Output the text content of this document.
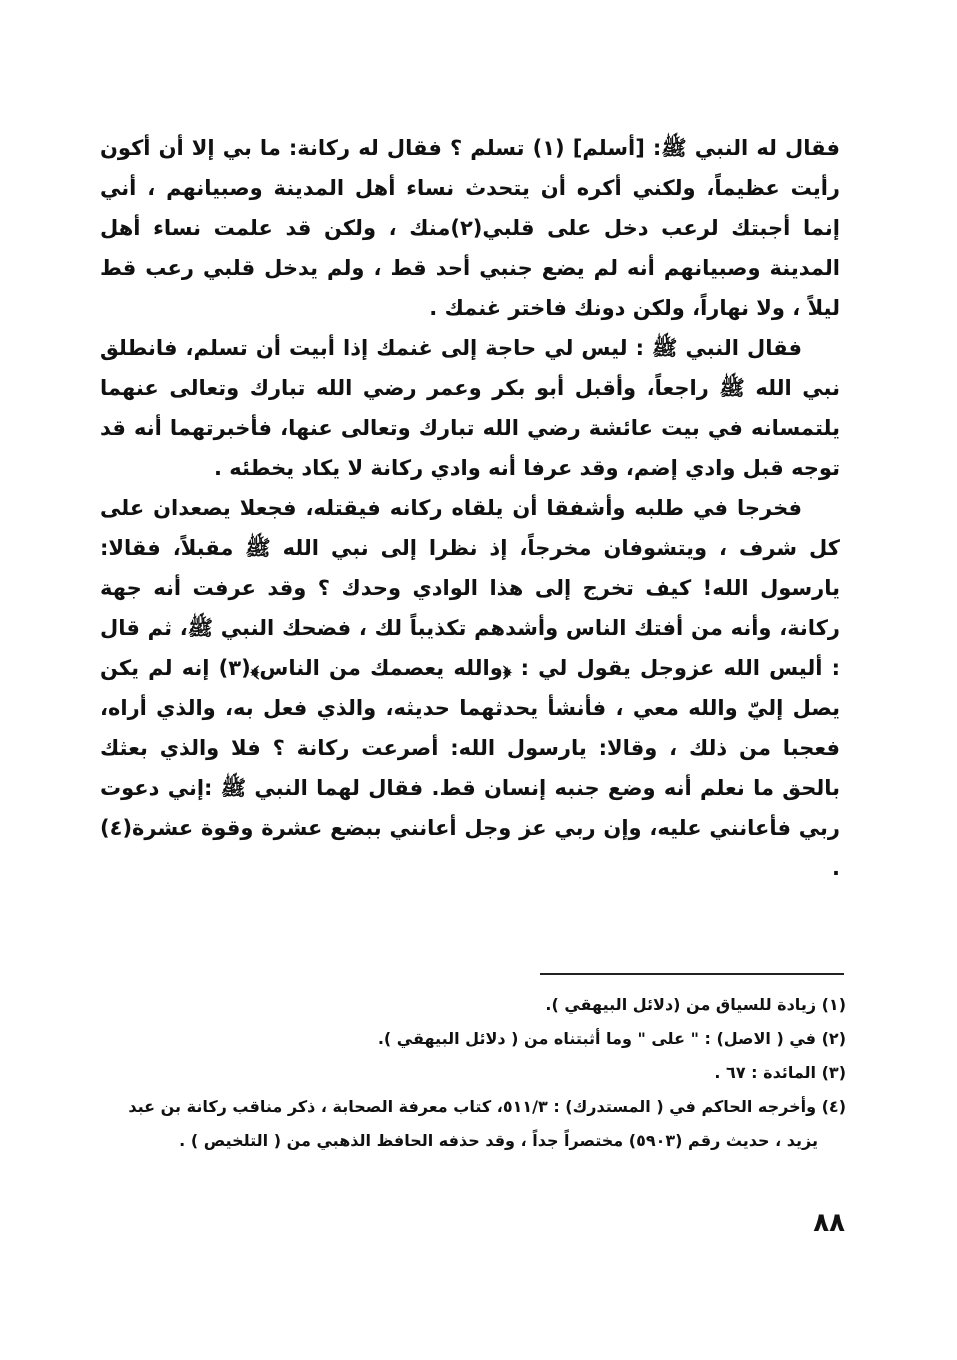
فقال له النبي ﷺ: [أسلم] (١) تسلم ؟ فقال له ركانة: ما بي إلا أن أكون رأيت عظيماً، ولكني أكره أن يتحدث نساء أهل المدينة وصبيانهم ، أني إنما أجبتك لرعب دخل على قلبي(٢)منك ، ولكن قد علمت نساء أهل المدينة وصبيانهم أنه لم يضع جنبي أحد قط ، ولم يدخل قلبي رعب قط ليلاً ، ولا نهاراً، ولكن دونك فاختر غنمك .

فقال النبي ﷺ : ليس لي حاجة إلى غنمك إذا أبيت أن تسلم، فانطلق نبي الله ﷺ راجعاً، وأقبل أبو بكر وعمر رضي الله تبارك وتعالى عنهما يلتمسانه في بيت عائشة رضي الله تبارك وتعالى عنها، فأخبرتهما أنه قد توجه قبل وادي إضم، وقد عرفا أنه وادي ركانة لا يكاد يخطئه .

فخرجا في طلبه وأشفقا أن يلقاه ركانه فيقتله، فجعلا يصعدان على كل شرف ، ويتشوفان مخرجاً، إذ نظرا إلى نبي الله ﷺ مقبلاً، فقالا: يارسول الله! كيف تخرج إلى هذا الوادي وحدك ؟ وقد عرفت أنه جهة ركانة، وأنه من أفتك الناس وأشدهم تكذيباً لك ، فضحك النبي ﷺ، ثم قال : أليس الله عزوجل يقول لي : ﴿والله يعصمك من الناس﴾(٣) إنه لم يكن يصل إليّ والله معي ، فأنشأ يحدثهما حديثه، والذي فعل به، والذي أراه، فعجبا من ذلك ، وقالا: يارسول الله: أصرعت ركانة ؟ فلا والذي بعثك بالحق ما نعلم أنه وضع جنبه إنسان قط. فقال لهما النبي ﷺ :إني دعوت ربي فأعانني عليه، وإن ربي عز وجل أعانني ببضع عشرة وقوة عشرة(٤) .

(١) زيادة للسياق من (دلائل البيهقي ).

(٢) في ( الاصل) : " على " وما أثبتناه من ( دلائل البيهقي ).

(٣) المائدة : ٦٧ .

(٤) وأخرجه الحاكم في ( المستدرك) : ٥١١/٣، كتاب معرفة الصحابة ، ذكر مناقب ركانة بن عبد

يزيد ، حديث رقم (٥٩٠٣) مختصراً جداً ، وقد حذفه الحافظ الذهبي من ( التلخيص ) .

٨٨
